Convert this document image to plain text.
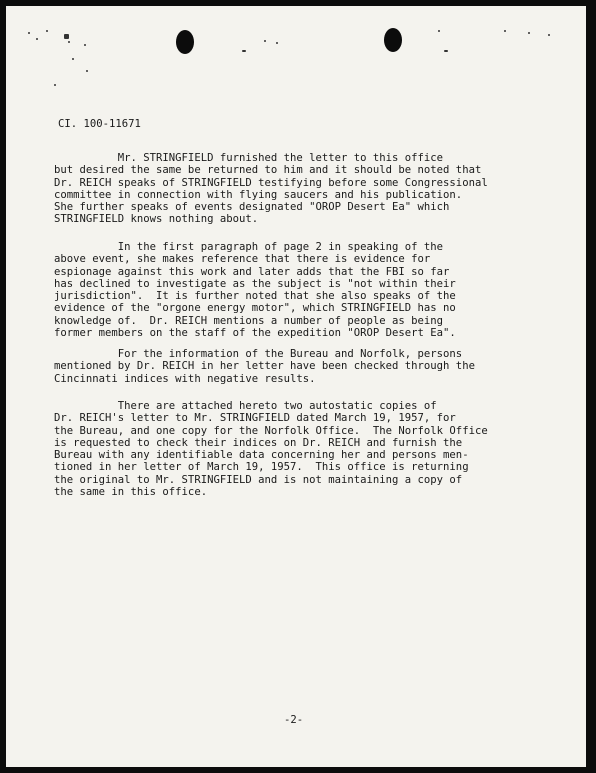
CI. 100-11671
Mr. STRINGFIELD furnished the letter to this office
but desired the same be returned to him and it should be noted that
Dr. REICH speaks of STRINGFIELD testifying before some Congressional
committee in connection with flying saucers and his publication.
She further speaks of events designated "OROP Desert Ea" which
STRINGFIELD knows nothing about.
In the first paragraph of page 2 in speaking of the
above event, she makes reference that there is evidence for
espionage against this work and later adds that the FBI so far
has declined to investigate as the subject is "not within their
jurisdiction".  It is further noted that she also speaks of the
evidence of the "orgone energy motor", which STRINGFIELD has no
knowledge of.  Dr. REICH mentions a number of people as being
former members on the staff of the expedition "OROP Desert Ea".
For the information of the Bureau and Norfolk, persons
mentioned by Dr. REICH in her letter have been checked through the
Cincinnati indices with negative results.
There are attached hereto two autostatic copies of
Dr. REICH's letter to Mr. STRINGFIELD dated March 19, 1957, for
the Bureau, and one copy for the Norfolk Office.  The Norfolk Office
is requested to check their indices on Dr. REICH and furnish the
Bureau with any identifiable data concerning her and persons men-
tioned in her letter of March 19, 1957.  This office is returning
the original to Mr. STRINGFIELD and is not maintaining a copy of
the same in this office.
-2-
